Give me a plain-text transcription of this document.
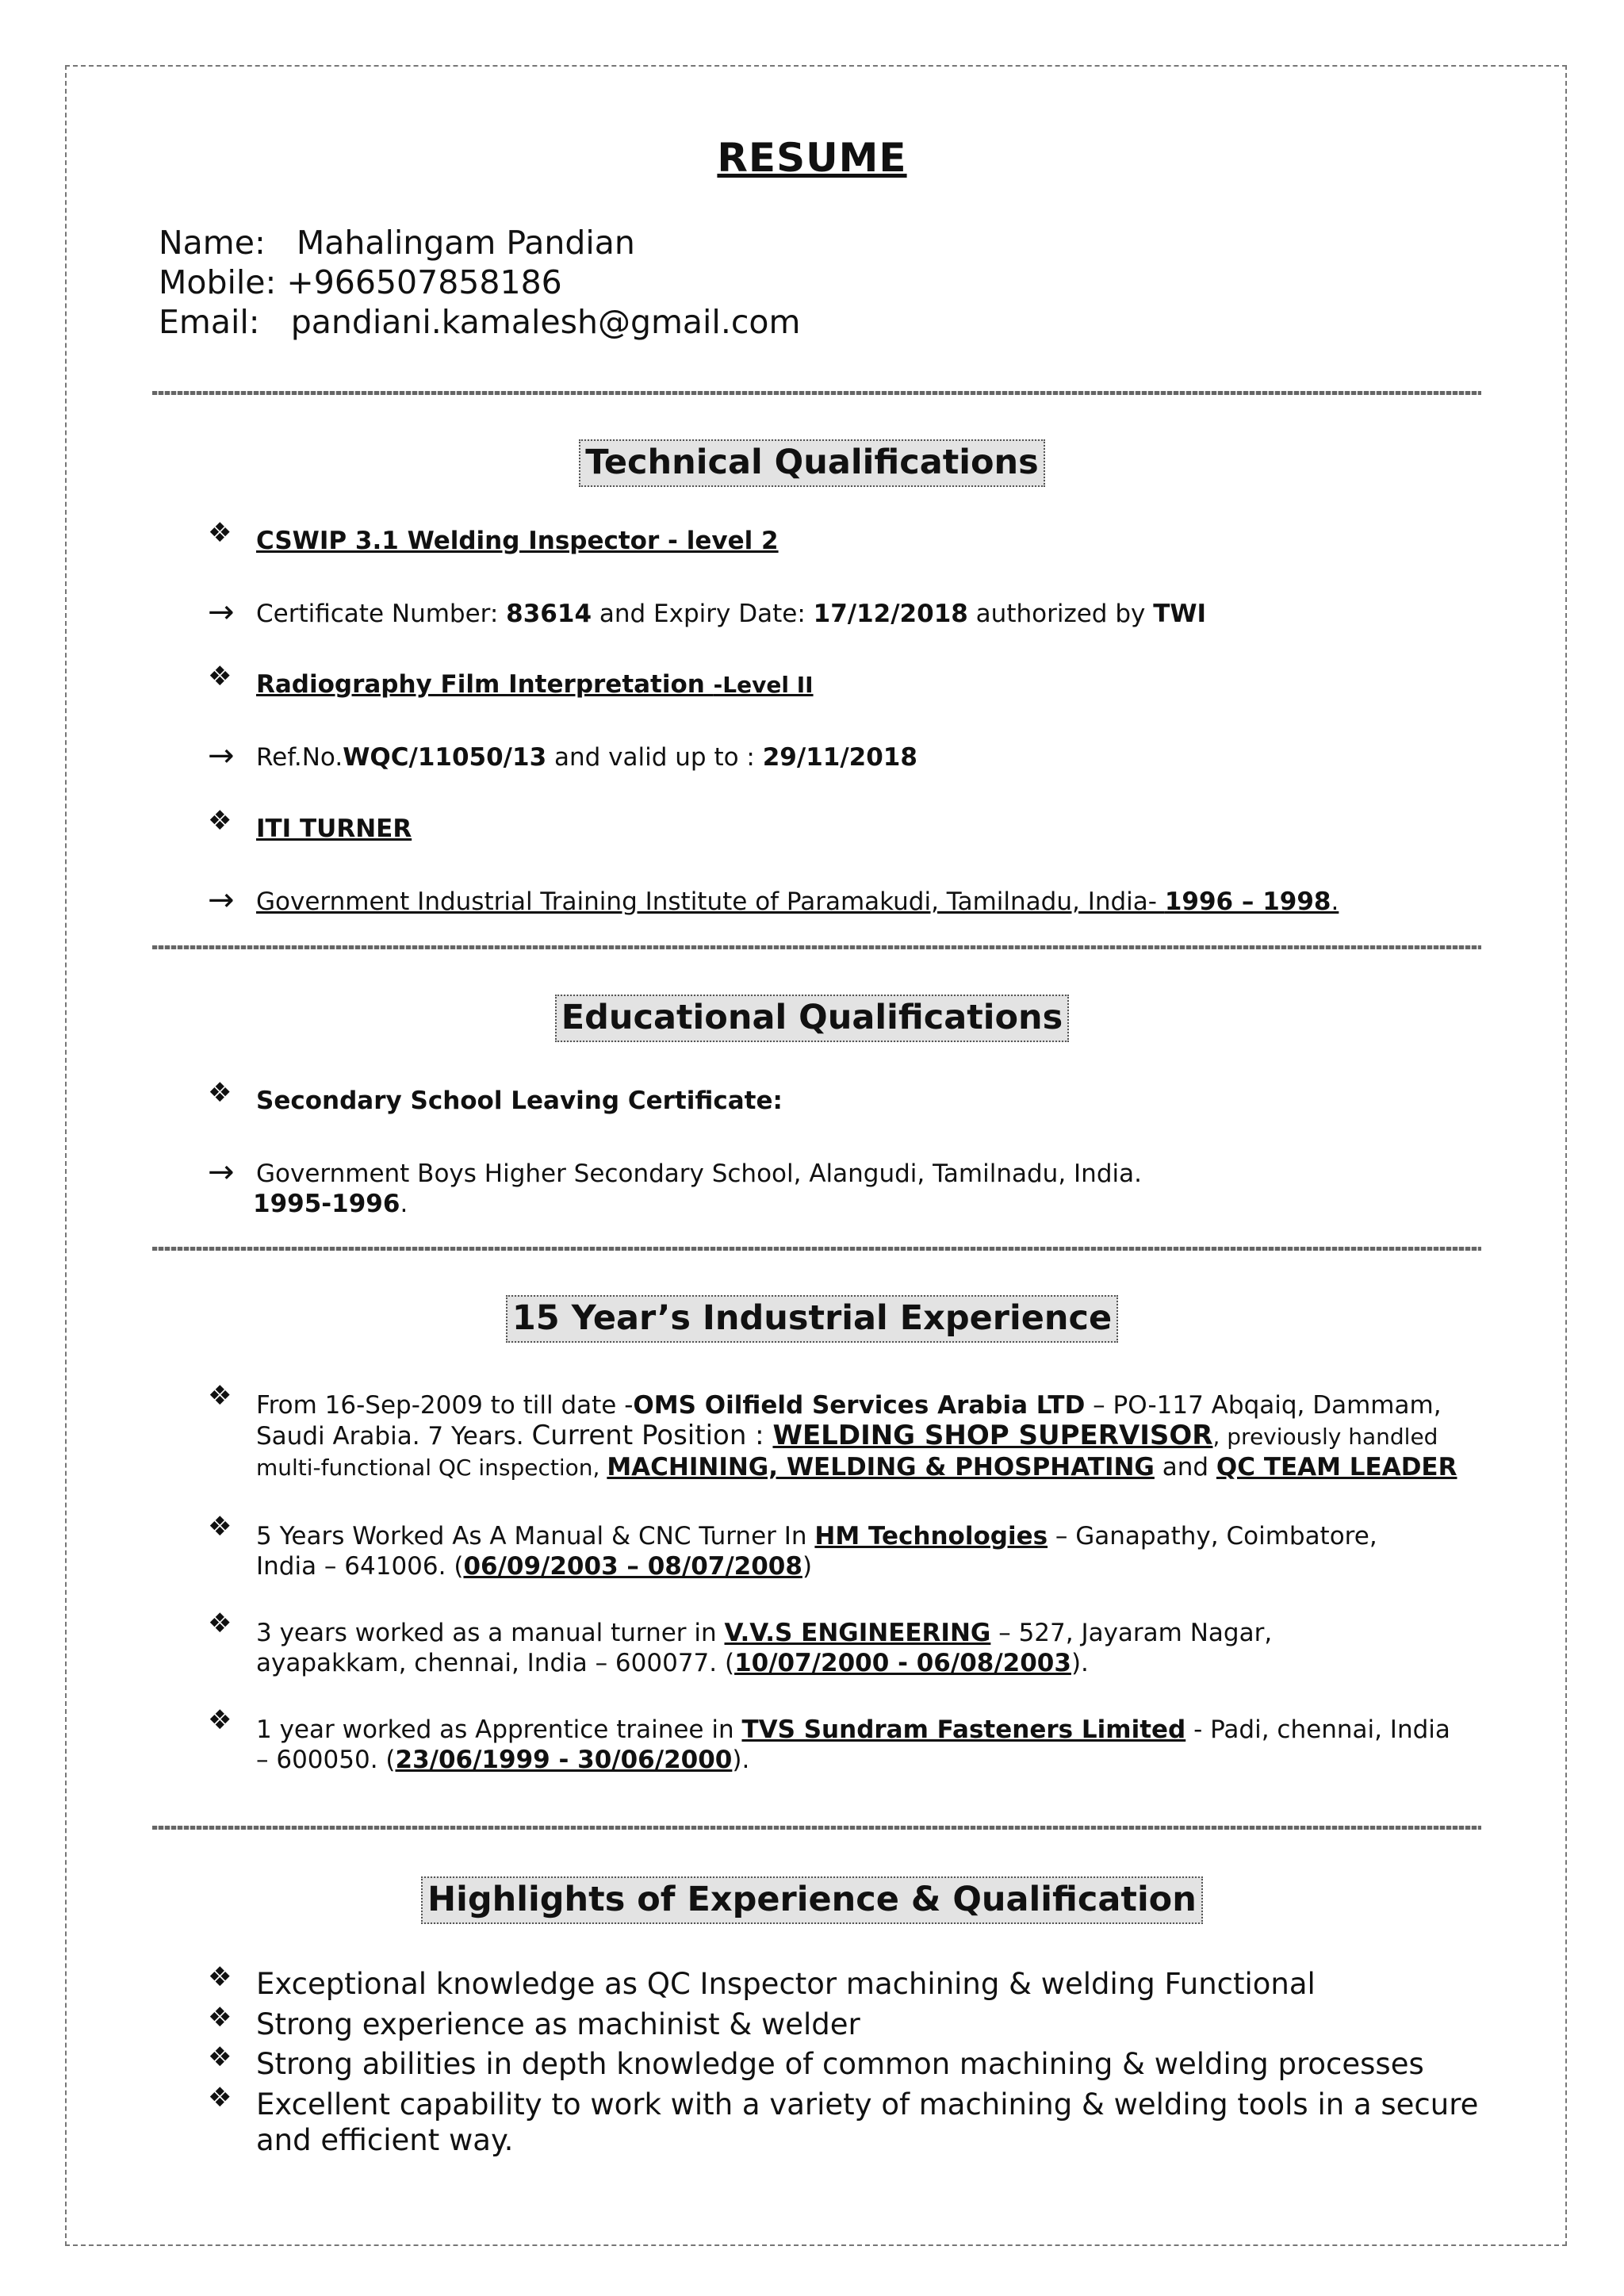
RESUME
Name: Mahalingam Pandian
Mobile: +966507858186
Email: pandiani.kamalesh@gmail.com
Technical Qualifications
❖ CSWIP 3.1 Welding Inspector - level 2
→ Certificate Number: 83614 and Expiry Date: 17/12/2018 authorized by TWI
❖ Radiography Film Interpretation -Level II
→ Ref.No.WQC/11050/13 and valid up to : 29/11/2018
❖ ITI TURNER
→ Government Industrial Training Institute of Paramakudi, Tamilnadu, India- 1996 – 1998.
Educational Qualifications
❖ Secondary School Leaving Certificate:
→ Government Boys Higher Secondary School, Alangudi, Tamilnadu, India.
1995-1996.
15 Year’s Industrial Experience
❖ From 16-Sep-2009 to till date -OMS Oilfield Services Arabia LTD – PO-117 Abqaiq, Dammam,
Saudi Arabia. 7 Years. Current Position : WELDING SHOP SUPERVISOR, previously handled
multi-functional QC inspection, MACHINING, WELDING & PHOSPHATING and QC TEAM LEADER
❖ 5 Years Worked As A Manual & CNC Turner In HM Technologies – Ganapathy, Coimbatore,
India – 641006. (06/09/2003 – 08/07/2008)
❖ 3 years worked as a manual turner in V.V.S ENGINEERING – 527, Jayaram Nagar,
ayapakkam, chennai, India – 600077. (10/07/2000 - 06/08/2003).
❖ 1 year worked as Apprentice trainee in TVS Sundram Fasteners Limited - Padi, chennai, India
– 600050. (23/06/1999 - 30/06/2000).
Highlights of Experience & Qualification
❖ Exceptional knowledge as QC Inspector machining & welding Functional
❖ Strong experience as machinist & welder
❖ Strong abilities in depth knowledge of common machining & welding processes
❖ Excellent capability to work with a variety of machining & welding tools in a secure and efficient way.
